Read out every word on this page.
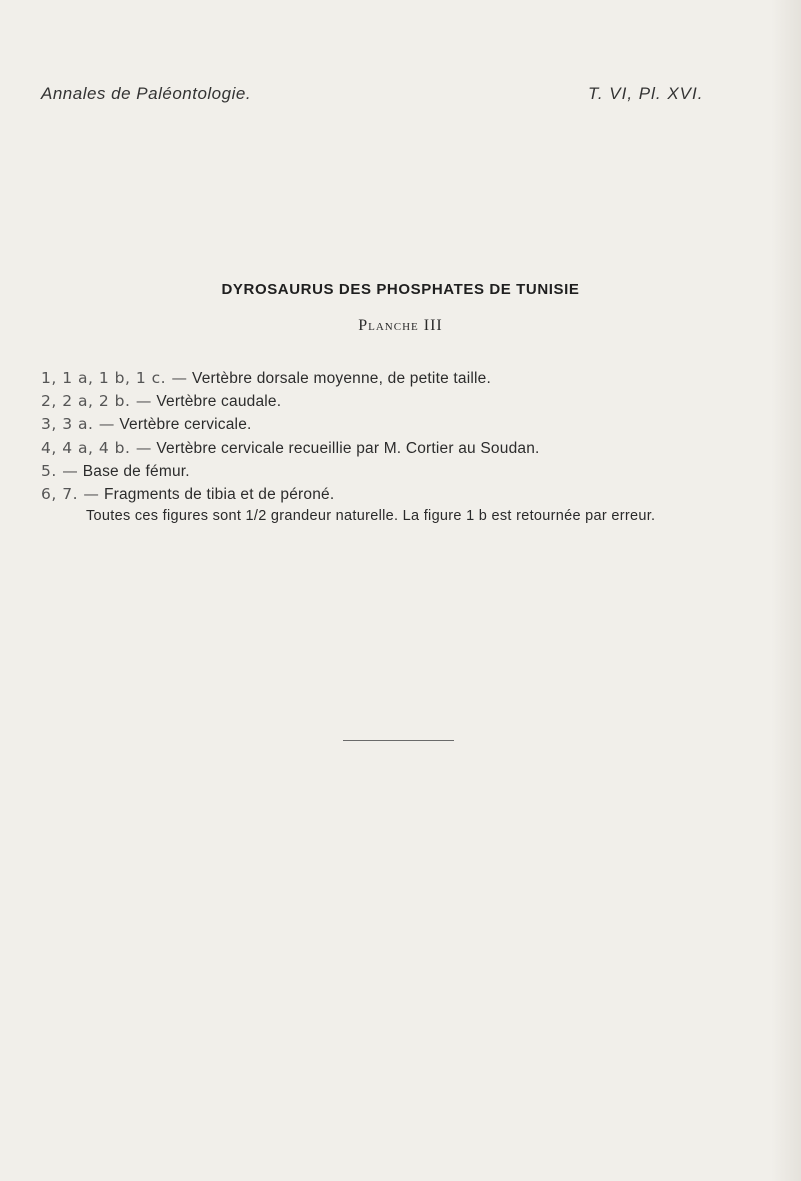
Annales de Paléontologie.	T. VI, Pl. XVI.
DYROSAURUS DES PHOSPHATES DE TUNISIE
Planche III
1, 1 a, 1 b, 1 c. — Vertèbre dorsale moyenne, de petite taille.
2, 2 a, 2 b. — Vertèbre caudale.
3, 3 a. — Vertèbre cervicale.
4, 4 a, 4 b. — Vertèbre cervicale recueillie par M. Cortier au Soudan.
5. — Base de fémur.
6, 7. — Fragments de tibia et de péroné.
Toutes ces figures sont 1/2 grandeur naturelle. La figure 1 b est retournée par erreur.
